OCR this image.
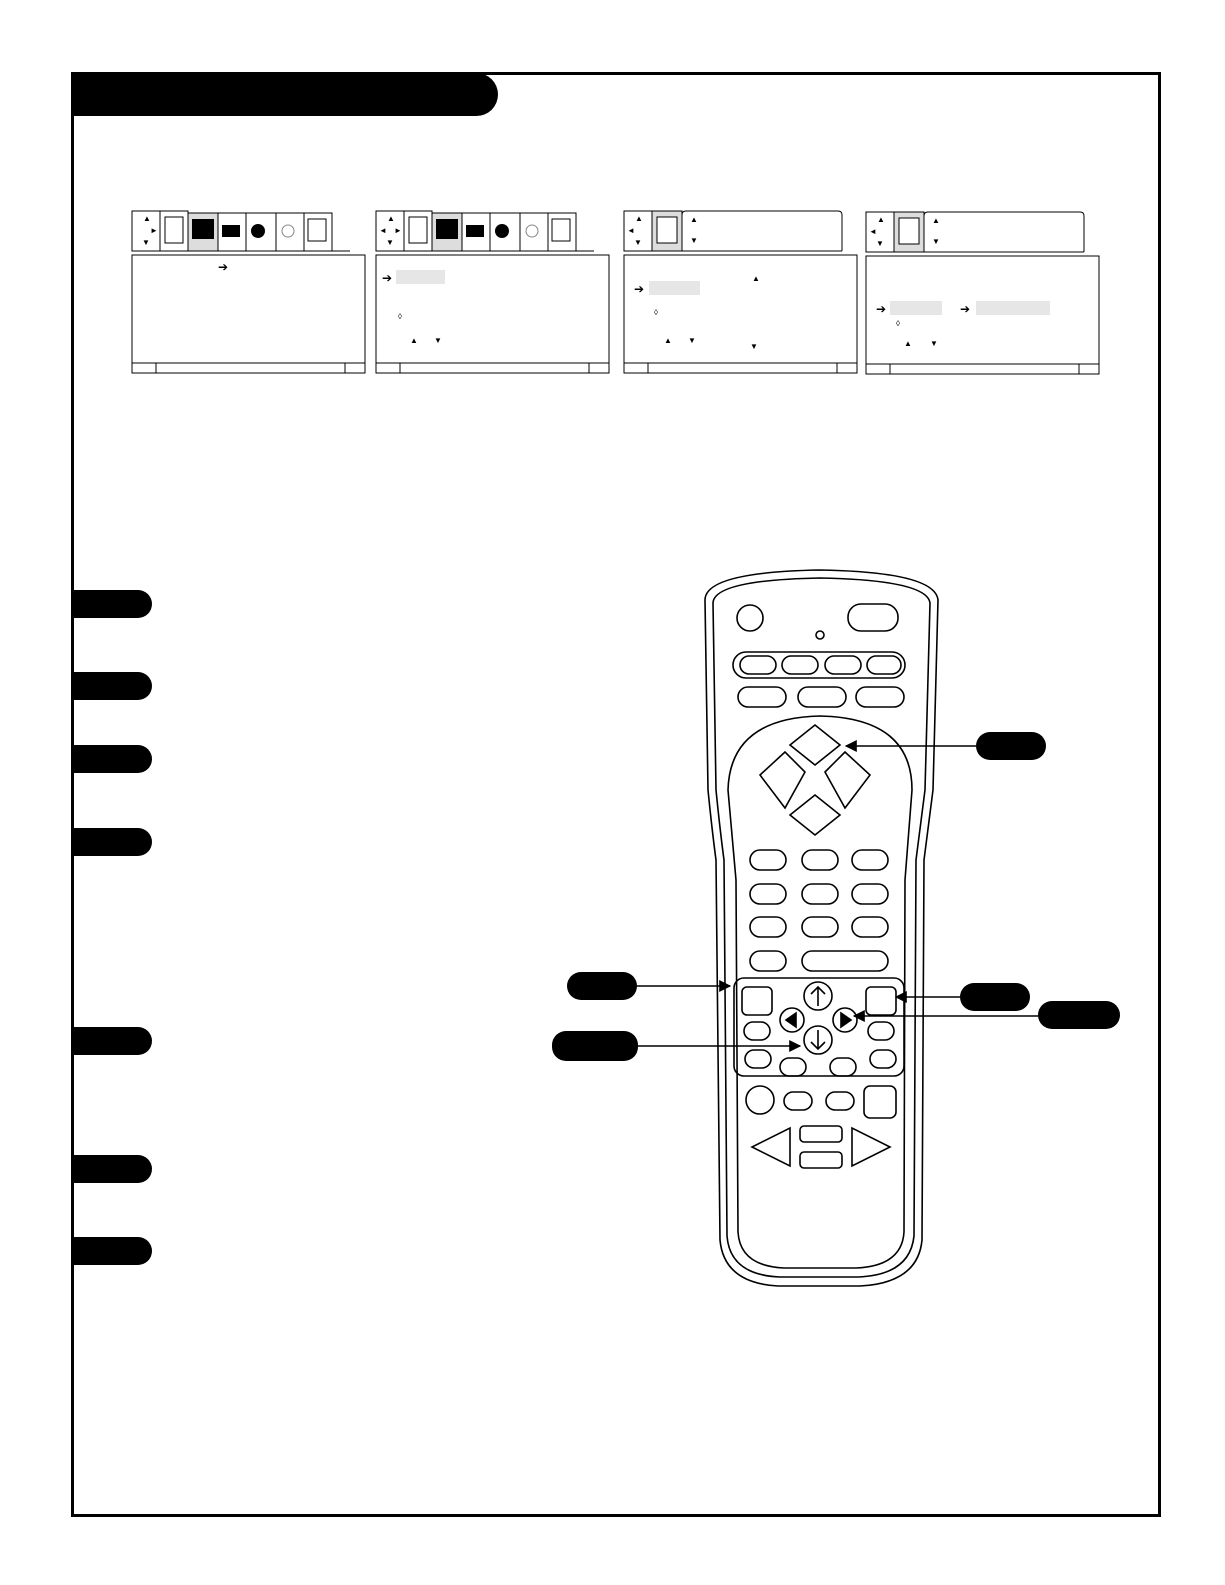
▲
►
▼
➔
▲
◄ ►
▼
➔
◊
▲ ▼
▲
◄
▼
▲
▼
▲
➔
◊
▲ ▼
▼
▲
◄
▼
▲
▼
➔	➔
◊
▲ ▼
